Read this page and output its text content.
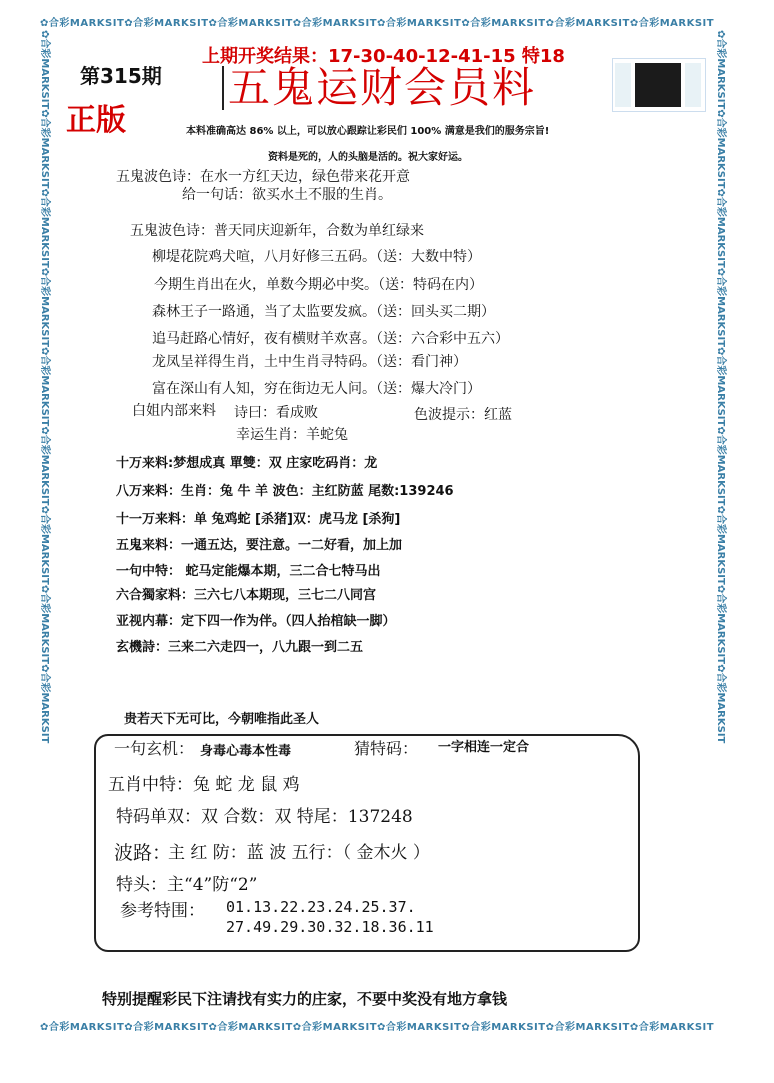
✿合彩MARKSIT✿合彩MARKSIT✿合彩MARKSIT✿合彩MARKSIT✿合彩MARKSIT✿合彩MARKSIT✿合彩MARKSIT✿合彩MARKSIT
✿合彩MARKSIT✿合彩MARKSIT✿合彩MARKSIT✿合彩MARKSIT✿合彩MARKSIT✿合彩MARKSIT✿合彩MARKSIT✿合彩MARKSIT
✿合彩MARKSIT✿合彩MARKSIT✿合彩MARKSIT✿合彩MARKSIT✿合彩MARKSIT✿合彩MARKSIT✿合彩MARKSIT✿合彩MARKSIT✿合彩MARKSIT	✿合彩MARKSIT✿合彩MARKSIT✿合彩MARKSIT✿合彩MARKSIT✿合彩MARKSIT✿合彩MARKSIT✿合彩MARKSIT✿合彩MARKSIT✿合彩MARKSIT
第315期
正版
上期开奖结果：17-30-40-12-41-15 特18
五鬼运财会员料
本料准确高达 86% 以上，可以放心跟踪让彩民们 100% 满意是我们的服务宗旨!
资料是死的，人的头脑是活的。祝大家好运。
五鬼波色诗：在水一方红天边，绿色带来花开意
给一句话：欲买水土不服的生肖。
五鬼波色诗：普天同庆迎新年，合数为单红绿来
柳堤花院鸡犬喧，八月好修三五码。（送：大数中特）
今期生肖出在火，单数今期必中奖。（送：特码在内）
森林王子一路通，当了太监要发疯。（送：回头买二期）
追马赶路心情好，夜有横财羊欢喜。（送：六合彩中五六）
龙凤呈祥得生肖，土中生肖寻特码。（送：看门神）
富在深山有人知，穷在街边无人问。（送：爆大冷门）
白姐内部来料 诗曰：看成败	色波提示：红蓝
幸运生肖：羊蛇兔
十万来料:梦想成真 單雙：双 庄家吃码肖：龙
八万来料：生肖：兔 牛 羊 波色：主红防蓝 尾数:139246
十一万来料：单 兔鸡蛇 [杀猪]双：虎马龙 [杀狗]
五鬼来料：一通五达，要注意。一二好看，加上加
一句中特： 蛇马定能爆本期，三二合七特马出
六合獨家料：三六七八本期现，三七二八同宫
亚视内幕：定下四一作为伴。（四人抬棺缺一脚）
玄機詩：三来二六走四一，八九跟一到二五
贵若天下无可比，今朝唯指此圣人
一句玄机： 身毒心毒本性毒	猜特码： 一字相连一定合
五肖中特：兔 蛇 龙 鼠 鸡
特码单双：双 合数：双 特尾：137248
波路：
主 红 防：蓝 波 五行：（ 金木火 ）
特头：主“4”防“2”
参考特围： 01.13.22.23.24.25.37.
27.49.29.30.32.18.36.11
特别提醒彩民下注请找有实力的庄家，不要中奖没有地方拿钱
